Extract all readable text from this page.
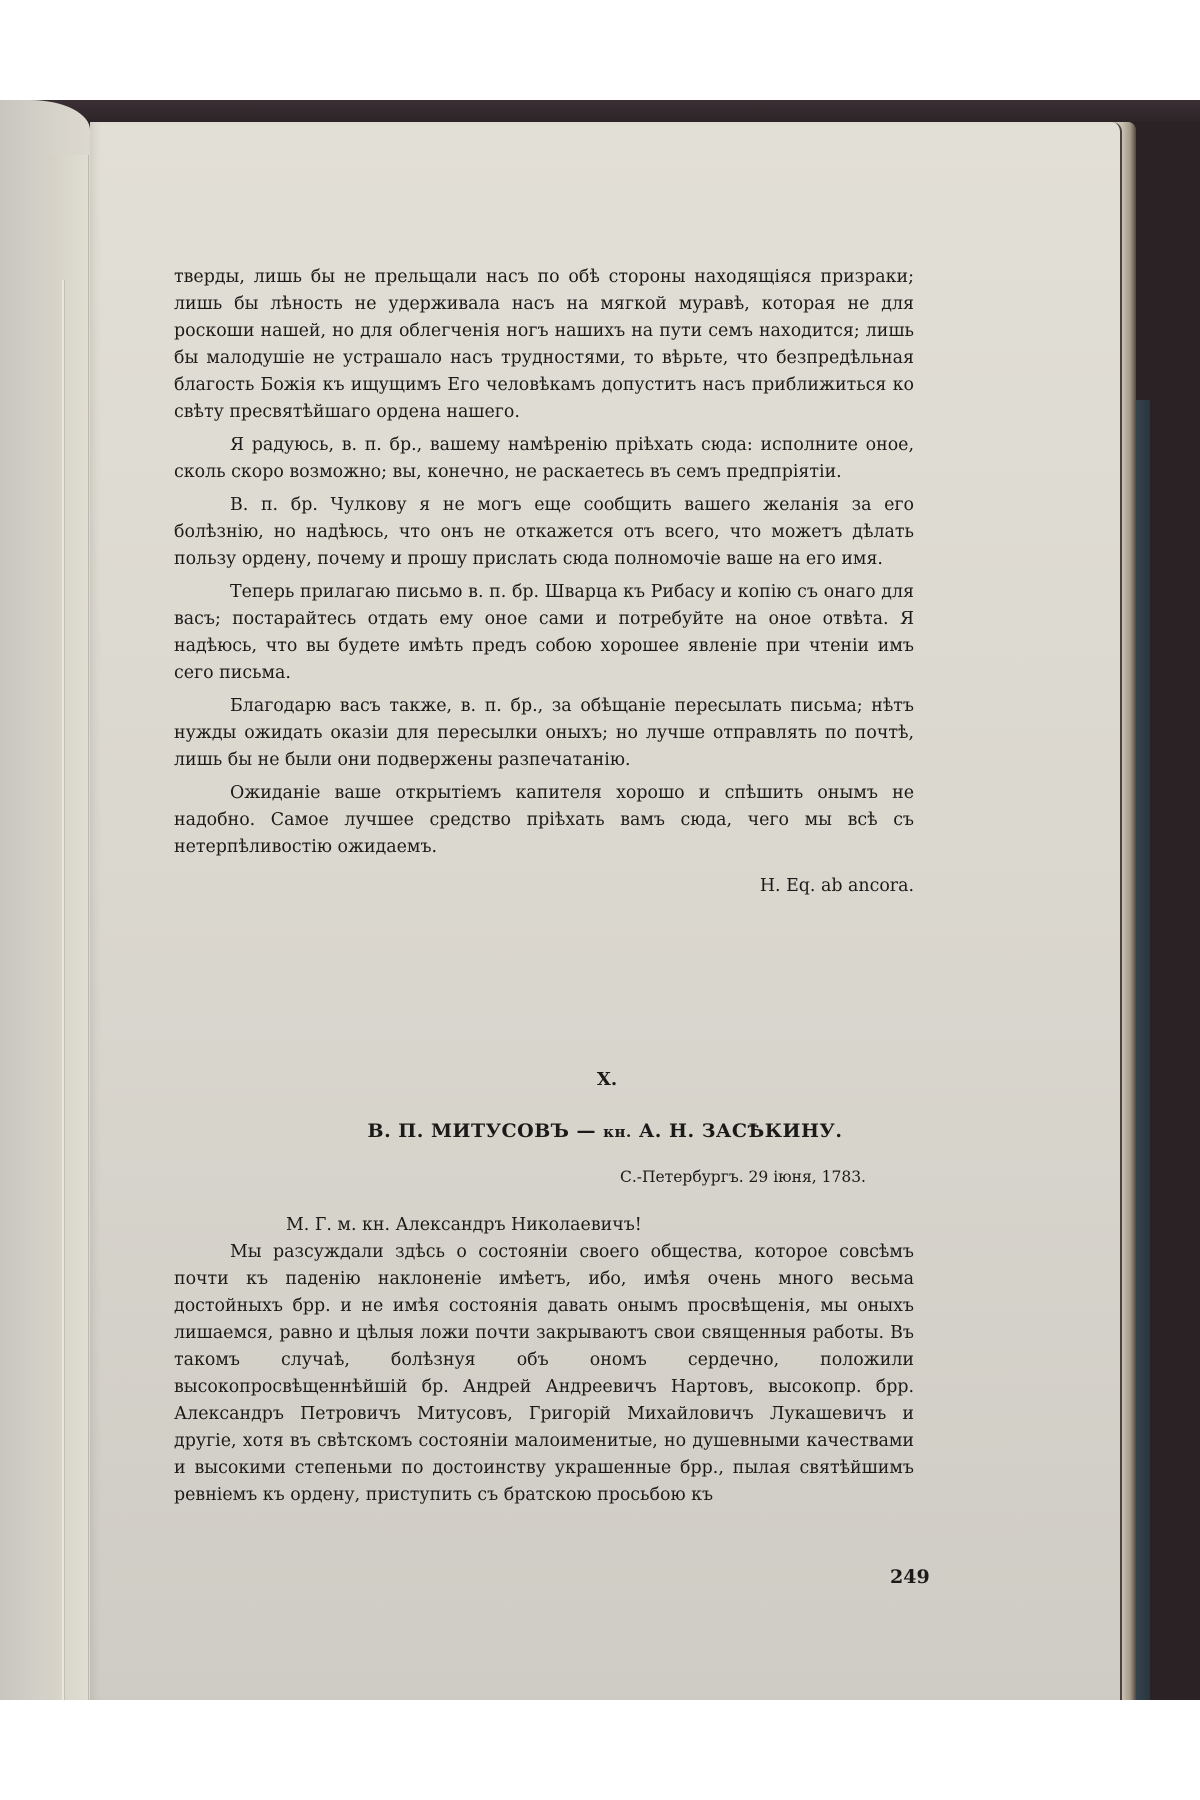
тверды, лишь бы не прельщали насъ по обѣ стороны находящіяся призраки; лишь бы лѣность не удерживала насъ на мягкой муравѣ, которая не для роскоши нашей, но для облегченія ногъ нашихъ на пути семъ находится; лишь бы малодушіе не устрашало насъ трудностями, то вѣрьте, что безпредѣльная благость Божія къ ищущимъ Его человѣкамъ допуститъ насъ приближиться ко свѣту пресвятѣйшаго ордена нашего.

Я радуюсь, в. п. бр., вашему намѣренію пріѣхать сюда: исполните оное, сколь скоро возможно; вы, конечно, не раскаетесь въ семъ предпріятіи.

В. п. бр. Чулкову я не могъ еще сообщить вашего желанія за его болѣзнію, но надѣюсь, что онъ не откажется отъ всего, что можетъ дѣлать пользу ордену, почему и прошу прислать сюда полномочіе ваше на его имя.

Теперь прилагаю письмо в. п. бр. Шварца къ Рибасу и копію съ онаго для васъ; постарайтесь отдать ему оное сами и потребуйте на оное отвѣта. Я надѣюсь, что вы будете имѣть предъ собою хорошее явленіе при чтеніи имъ сего письма.

Благодарю васъ также, в. п. бр., за обѣщаніе пересылать письма; нѣтъ нужды ожидать оказіи для пересылки оныхъ; но лучше отправлять по почтѣ, лишь бы не были они подвержены разпечатанію.

Ожиданіе ваше открытіемъ капителя хорошо и спѣшить онымъ не надобно. Самое лучшее средство пріѣхать вамъ сюда, чего мы всѣ съ нетерпѣливостію ожидаемъ.

H. Eq. ab ancora.

X.
В. П. МИТУСОВЪ — кн. А. Н. ЗАСѢКИНУ.
С.-Петербургъ. 29 іюня, 1783.

М. Г. м. кн. Александръ Николаевичъ!

Мы разсуждали здѣсь о состояніи своего общества, которое совсѣмъ почти къ паденію наклоненіе имѣетъ, ибо, имѣя очень много весьма достойныхъ брр. и не имѣя состоянія давать онымъ просвѣщенія, мы оныхъ лишаемся, равно и цѣлыя ложи почти закрываютъ свои священныя работы. Въ такомъ случаѣ, болѣзнуя объ ономъ сердечно, положили высокопросвѣщеннѣйшій бр. Андрей Андреевичъ Нартовъ, высокопр. брр. Александръ Петровичъ Митусовъ, Григорій Михайловичъ Лукашевичъ и другіе, хотя въ свѣтскомъ состояніи малоименитые, но душевными качествами и высокими степеньми по достоинству украшенные брр., пылая святѣйшимъ ревніемъ къ ордену, приступить съ братскою просьбою къ

249
